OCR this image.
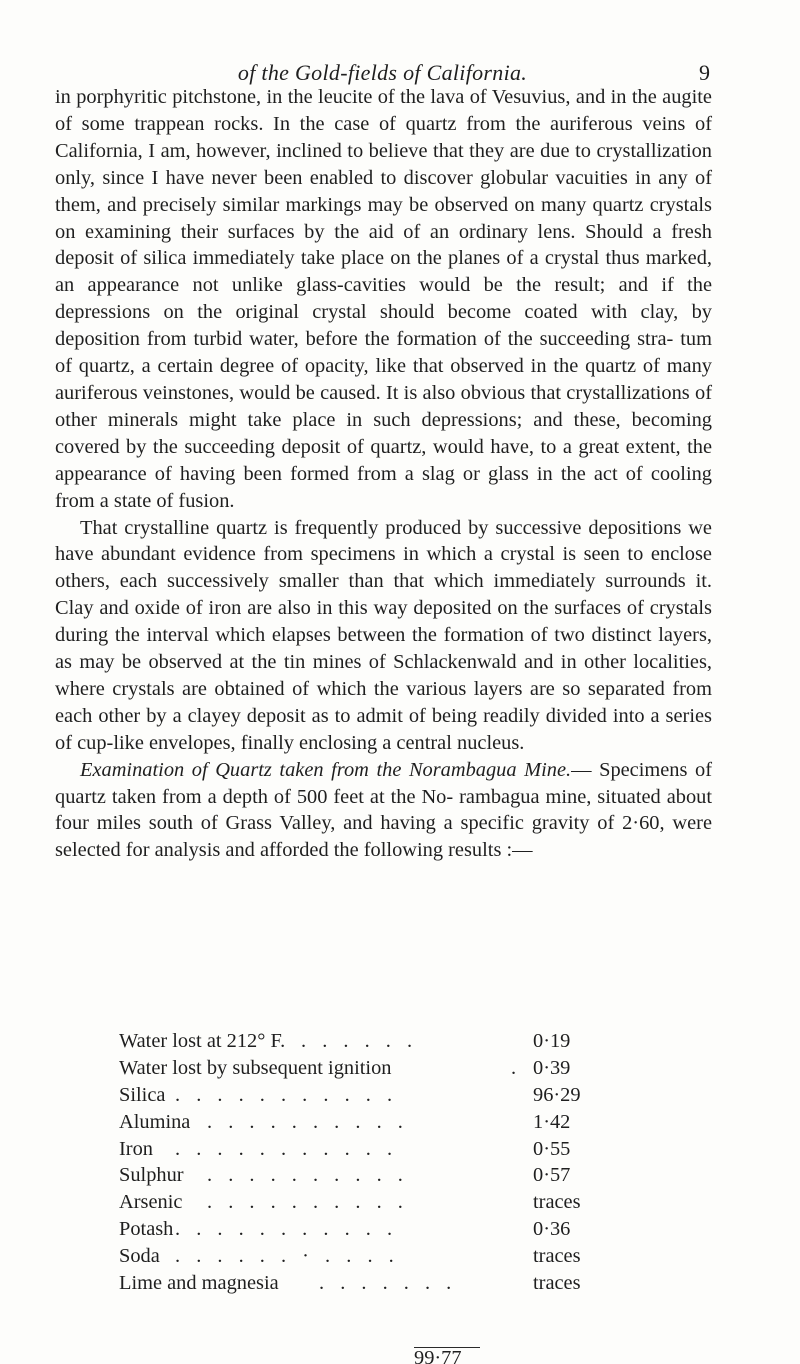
of the Gold-fields of California.	9

in porphyritic pitchstone, in the leucite of the lava of Vesuvius, and in the augite of some trappean rocks. In the case of quartz from the auriferous veins of California, I am, however, inclined to believe that they are due to crystallization only, since I have never been enabled to discover globular vacuities in any of them, and precisely similar markings may be observed on many quartz crystals on examining their surfaces by the aid of an ordinary lens. Should a fresh deposit of silica immediately take place on the planes of a crystal thus marked, an appearance not unlike glass-cavities would be the result; and if the depressions on the original crystal should become coated with clay, by deposition from turbid water, before the formation of the succeeding stra- tum of quartz, a certain degree of opacity, like that observed in the quartz of many auriferous veinstones, would be caused. It is also obvious that crystallizations of other minerals might take place in such depressions; and these, becoming covered by the succeeding deposit of quartz, would have, to a great extent, the appearance of having been formed from a slag or glass in the act of cooling from a state of fusion.

That crystalline quartz is frequently produced by successive depositions we have abundant evidence from specimens in which a crystal is seen to enclose others, each successively smaller than that which immediately surrounds it. Clay and oxide of iron are also in this way deposited on the surfaces of crystals during the interval which elapses between the formation of two distinct layers, as may be observed at the tin mines of Schlackenwald and in other localities, where crystals are obtained of which the various layers are so separated from each other by a clayey deposit as to admit of being readily divided into a series of cup-like envelopes, finally enclosing a central nucleus.

Examination of Quartz taken from the Norambagua Mine.— Specimens of quartz taken from a depth of 500 feet at the No- rambagua mine, situated about four miles south of Grass Valley, and having a specific gravity of 2·60, were selected for analysis and afforded the following results :—

Water lost at 212° F. . . . . . .	0·19
Water lost by subsequent ignition	. 0·39
Silica . . . . . . . . . . .	96·29
Alumina . . . . . . . . . .	1·42
Iron . . . . . . . . . . .	0·55
Sulphur . . . . . . . . . .	0·57
Arsenic . . . . . . . . . .	traces
Potash . . . . . . . . . . .	0·36
Soda . . . . . . · . . . .	traces
Lime and magnesia . . . . . . .	traces
99·77
